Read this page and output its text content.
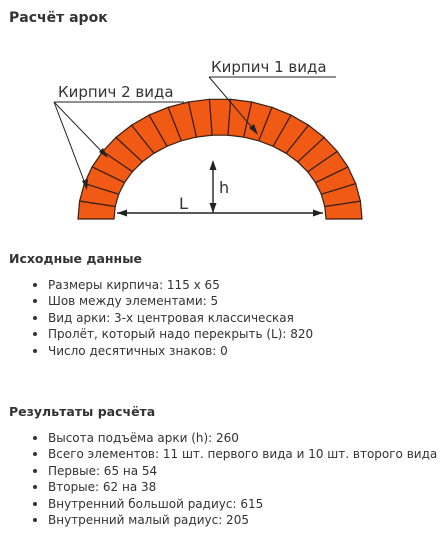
Расчёт арок
h
L
Кирпич 1 вида
Кирпич 2 вида
Исходные данные
Размеры кирпича: 115 х 65
Шов между элементами: 5
Вид арки: 3-х центровая классическая
Пролёт, который надо перекрыть (L): 820
Число десятичных знаков: 0
Результаты расчёта
Высота подъёма арки (h): 260
Всего элементов: 11 шт. первого вида и 10 шт. второго вида
Первые: 65 на 54
Вторые: 62 на 38
Внутренний большой радиус: 615
Внутренний малый радиус: 205
